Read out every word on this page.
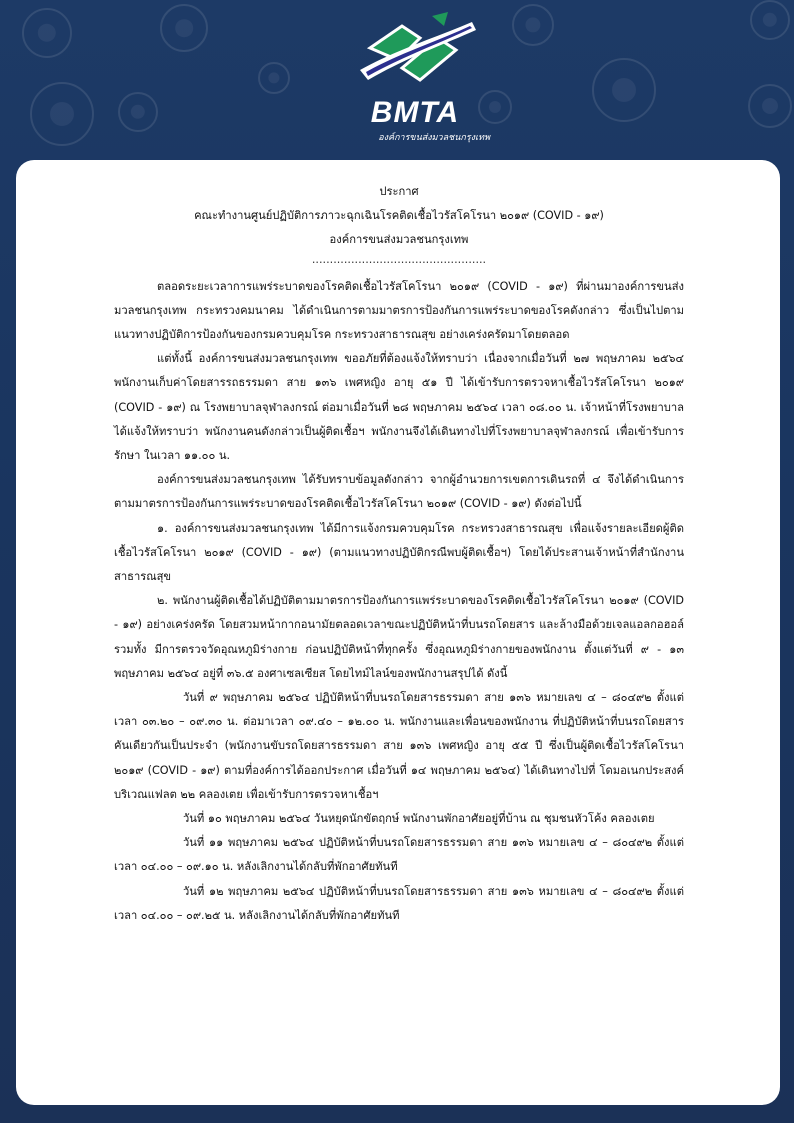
BMTA
องค์การขนส่งมวลชนกรุงเทพ
ประกาศ
คณะทำงานศูนย์ปฏิบัติการภาวะฉุกเฉินโรคติดเชื้อไวรัสโคโรนา ๒๐๑๙ (COVID - ๑๙)
องค์การขนส่งมวลชนกรุงเทพ
.................................................

ตลอดระยะเวลาการแพร่ระบาดของโรคติดเชื้อไวรัสโคโรนา ๒๐๑๙ (COVID - ๑๙) ที่ผ่านมาองค์การขนส่งมวลชนกรุงเทพ กระทรวงคมนาคม ได้ดำเนินการตามมาตรการป้องกันการแพร่ระบาดของโรคดังกล่าว ซึ่งเป็นไปตามแนวทางปฏิบัติการป้องกันของกรมควบคุมโรค กระทรวงสาธารณสุข อย่างเคร่งครัดมาโดยตลอด

แต่ทั้งนี้ องค์การขนส่งมวลชนกรุงเทพ ขออภัยที่ต้องแจ้งให้ทราบว่า เนื่องจากเมื่อวันที่ ๒๗ พฤษภาคม ๒๕๖๔ พนักงานเก็บค่าโดยสารรถธรรมดา สาย ๑๓๖ เพศหญิง อายุ ๕๑ ปี ได้เข้ารับการตรวจหาเชื้อไวรัสโคโรนา ๒๐๑๙ (COVID - ๑๙) ณ โรงพยาบาลจุฬาลงกรณ์ ต่อมาเมื่อวันที่ ๒๘ พฤษภาคม ๒๕๖๔ เวลา ๐๘.๐๐ น. เจ้าหน้าที่โรงพยาบาลได้แจ้งให้ทราบว่า พนักงานคนดังกล่าวเป็นผู้ติดเชื้อฯ พนักงานจึงได้เดินทางไปที่โรงพยาบาลจุฬาลงกรณ์ เพื่อเข้ารับการรักษา ในเวลา ๑๑.๐๐ น.

องค์การขนส่งมวลชนกรุงเทพ ได้รับทราบข้อมูลดังกล่าว จากผู้อำนวยการเขตการเดินรถที่ ๔ จึงได้ดำเนินการตามมาตรการป้องกันการแพร่ระบาดของโรคติดเชื้อไวรัสโคโรนา ๒๐๑๙ (COVID - ๑๙) ดังต่อไปนี้

๑. องค์การขนส่งมวลชนกรุงเทพ ได้มีการแจ้งกรมควบคุมโรค กระทรวงสาธารณสุข เพื่อแจ้งรายละเอียดผู้ติดเชื้อไวรัสโคโรนา ๒๐๑๙ (COVID - ๑๙) (ตามแนวทางปฏิบัติกรณีพบผู้ติดเชื้อฯ) โดยได้ประสานเจ้าหน้าที่สำนักงานสาธารณสุข

๒. พนักงานผู้ติดเชื้อได้ปฏิบัติตามมาตรการป้องกันการแพร่ระบาดของโรคติดเชื้อไวรัสโคโรนา ๒๐๑๙ (COVID - ๑๙) อย่างเคร่งครัด โดยสวมหน้ากากอนามัยตลอดเวลาขณะปฏิบัติหน้าที่บนรถโดยสาร และล้างมือด้วยเจลแอลกอฮอล์ รวมทั้ง มีการตรวจวัดอุณหภูมิร่างกาย ก่อนปฏิบัติหน้าที่ทุกครั้ง ซึ่งอุณหภูมิร่างกายของพนักงาน ตั้งแต่วันที่ ๙ - ๑๓ พฤษภาคม ๒๕๖๔ อยู่ที่ ๓๖.๕ องศาเซลเซียส โดยไทม์ไลน์ของพนักงานสรุปได้ ดังนี้

วันที่ ๙ พฤษภาคม ๒๕๖๔ ปฏิบัติหน้าที่บนรถโดยสารธรรมดา สาย ๑๓๖ หมายเลข ๔ – ๘๐๔๙๒ ตั้งแต่เวลา ๐๓.๒๐ – ๐๙.๓๐ น. ต่อมาเวลา ๐๙.๔๐ – ๑๒.๐๐ น. พนักงานและเพื่อนของพนักงาน ที่ปฏิบัติหน้าที่บนรถโดยสารคันเดียวกันเป็นประจำ (พนักงานขับรถโดยสารธรรมดา สาย ๑๓๖ เพศหญิง อายุ ๕๕ ปี ซึ่งเป็นผู้ติดเชื้อไวรัสโคโรนา ๒๐๑๙ (COVID - ๑๙) ตามที่องค์การได้ออกประกาศ เมื่อวันที่ ๑๔ พฤษภาคม ๒๕๖๔) ได้เดินทางไปที่ โดมอเนกประสงค์บริเวณแฟลต ๒๒ คลองเตย เพื่อเข้ารับการตรวจหาเชื้อฯ

วันที่ ๑๐ พฤษภาคม ๒๕๖๔ วันหยุดนักขัตฤกษ์ พนักงานพักอาศัยอยู่ที่บ้าน ณ ชุมชนหัวโค้ง คลองเตย

วันที่ ๑๑ พฤษภาคม ๒๕๖๔ ปฏิบัติหน้าที่บนรถโดยสารธรรมดา สาย ๑๓๖ หมายเลข ๔ – ๘๐๔๙๒ ตั้งแต่เวลา ๐๔.๐๐ – ๐๙.๑๐ น. หลังเลิกงานได้กลับที่พักอาศัยทันที

วันที่ ๑๒ พฤษภาคม ๒๕๖๔ ปฏิบัติหน้าที่บนรถโดยสารธรรมดา สาย ๑๓๖ หมายเลข ๔ – ๘๐๔๙๒ ตั้งแต่เวลา ๐๔.๐๐ – ๐๙.๒๕ น. หลังเลิกงานได้กลับที่พักอาศัยทันที
